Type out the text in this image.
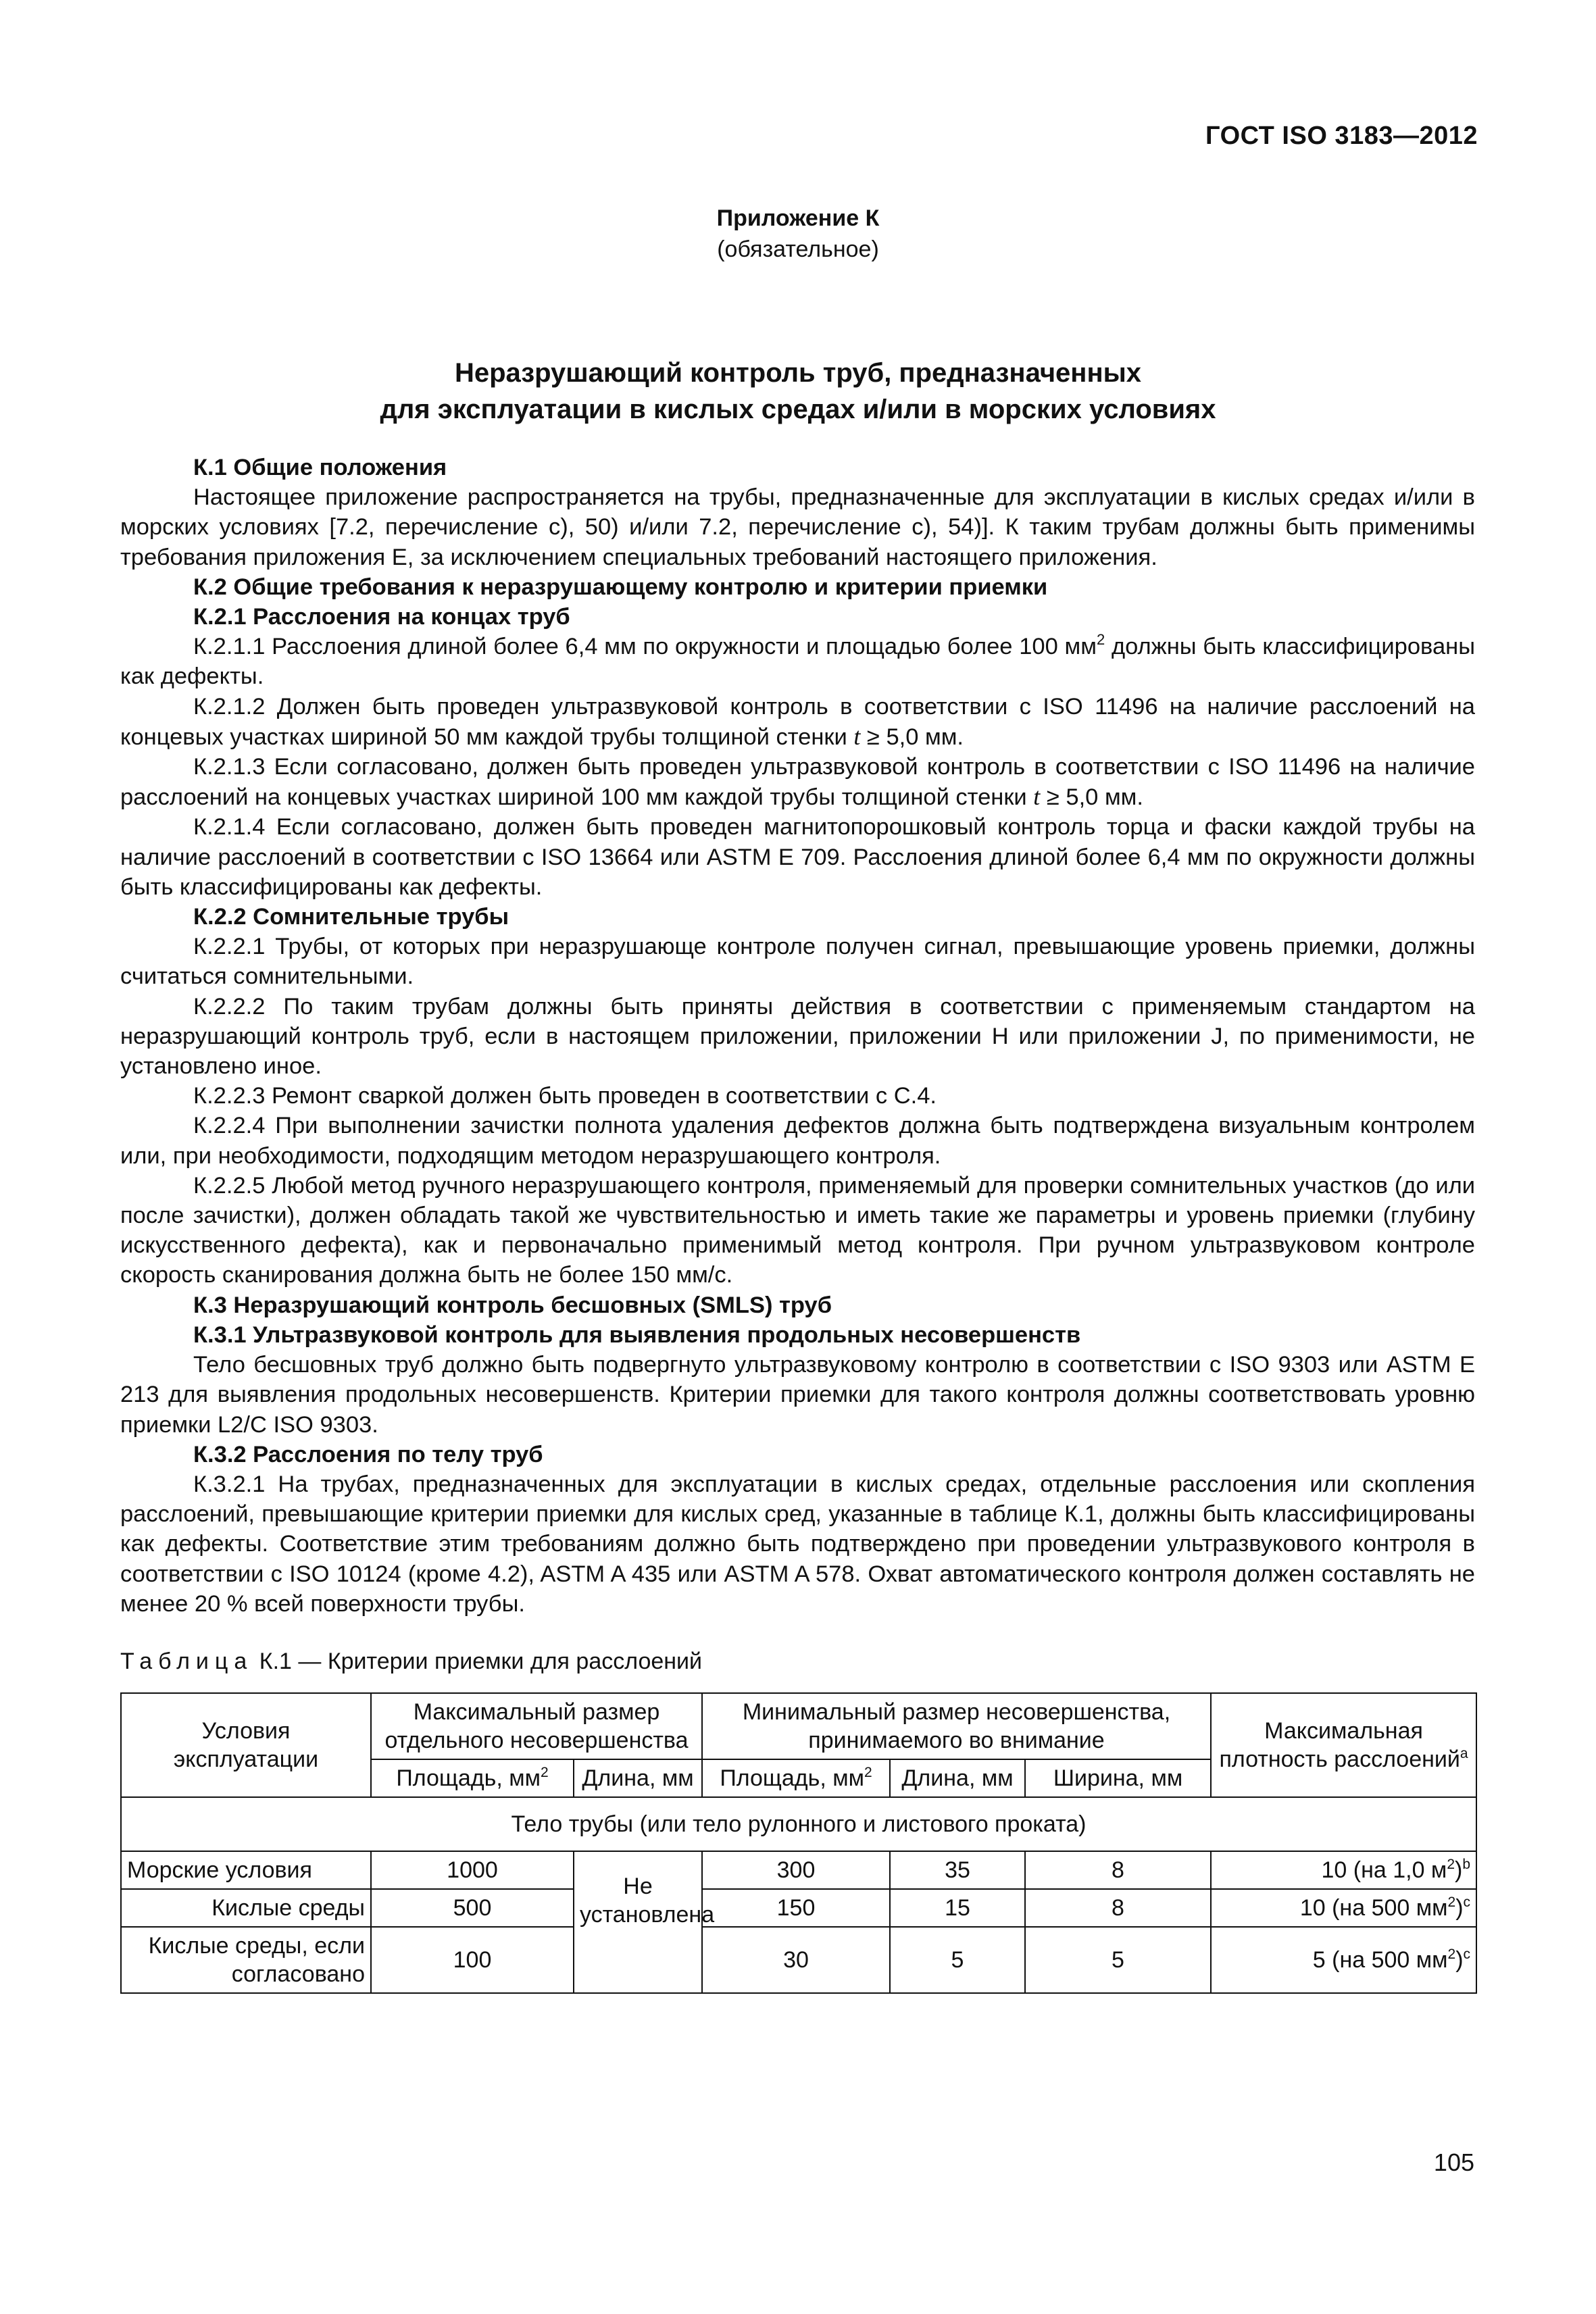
ГОСТ ISO 3183—2012
Приложение К
(обязательное)
Неразрушающий контроль труб, предназначенных
для эксплуатации в кислых средах и/или в морских условиях

К.1 Общие положения

Настоящее приложение распространяется на трубы, предназначенные для эксплуатации в кислых средах и/или в морских условиях [7.2, перечисление с), 50) и/или 7.2, перечисление с), 54)]. К таким трубам должны быть применимы требования приложения Е, за исключением специальных требований настоящего приложения.

К.2 Общие требования к неразрушающему контролю и критерии приемки

К.2.1 Расслоения на концах труб

К.2.1.1 Расслоения длиной более 6,4 мм по окружности и площадью более 100 $мм^2$ должны быть классифицированы как дефекты.

К.2.1.2 Должен быть проведен ультразвуковой контроль в соответствии с ISO 11496 на наличие расслоений на концевых участках шириной 50 мм каждой трубы толщиной стенки t ≥ 5,0 мм.

К.2.1.3 Если согласовано, должен быть проведен ультразвуковой контроль в соответствии с ISO 11496 на наличие расслоений на концевых участках шириной 100 мм каждой трубы толщиной стенки t ≥ 5,0 мм.

К.2.1.4 Если согласовано, должен быть проведен магнитопорошковый контроль торца и фаски каждой трубы на наличие расслоений в соответствии с ISO 13664 или ASTM E 709. Расслоения длиной более 6,4 мм по окружности должны быть классифицированы как дефекты.

К.2.2 Сомнительные трубы

К.2.2.1 Трубы, от которых при неразрушающе контроле получен сигнал, превышающие уровень приемки, должны считаться сомнительными.

К.2.2.2 По таким трубам должны быть приняты действия в соответствии с применяемым стандартом на неразрушающий контроль труб, если в настоящем приложении, приложении Н или приложении J, по применимости, не установлено иное.

К.2.2.3 Ремонт сваркой должен быть проведен в соответствии с С.4.

К.2.2.4 При выполнении зачистки полнота удаления дефектов должна быть подтверждена визуальным контролем или, при необходимости, подходящим методом неразрушающего контроля.

К.2.2.5 Любой метод ручного неразрушающего контроля, применяемый для проверки сомнительных участков (до или после зачистки), должен обладать такой же чувствительностью и иметь такие же параметры и уровень приемки (глубину искусственного дефекта), как и первоначально применимый метод контроля. При ручном ультразвуковом контроле скорость сканирования должна быть не более 150 мм/с.

К.3 Неразрушающий контроль бесшовных (SMLS) труб

К.3.1 Ультразвуковой контроль для выявления продольных несовершенств

Тело бесшовных труб должно быть подвергнуто ультразвуковому контролю в соответствии с ISO 9303 или ASTM E 213 для выявления продольных несовершенств. Критерии приемки для такого контроля должны соответствовать уровню приемки L2/C ISO 9303.

К.3.2 Расслоения по телу труб

К.3.2.1 На трубах, предназначенных для эксплуатации в кислых средах, отдельные расслоения или скопления расслоений, превышающие критерии приемки для кислых сред, указанные в таблице К.1, должны быть классифицированы как дефекты. Соответствие этим требованиям должно быть подтверждено при проведении ультразвукового контроля в соответствии с ISO 10124 (кроме 4.2), ASTM A 435 или ASTM A 578. Охват автоматического контроля должен составлять не менее 20 % всей поверхности трубы.

Таблица К.1 — Критерии приемки для расслоений
Условия эксплуатации	Максимальный размер отдельного несовершенства		Минимальный размер несовершенства, принимаемого во внимание			Максимальная плотность расслоений$^a$
	Площадь, $мм^2$	Длина, мм	Площадь, $мм^2$	Длина, мм	Ширина, мм	
Тело трубы (или тело рулонного и листового проката)						
Морские условия	1000	Не установлена	300	35	8	10 (на 1,0 $м^2)^b$
Кислые среды	500		150	15	8	10 (на 500 $мм^2)^c$
Кислые среды, если согласовано	100		30	5	5	5 (на 500 $мм^2)^c$
105
